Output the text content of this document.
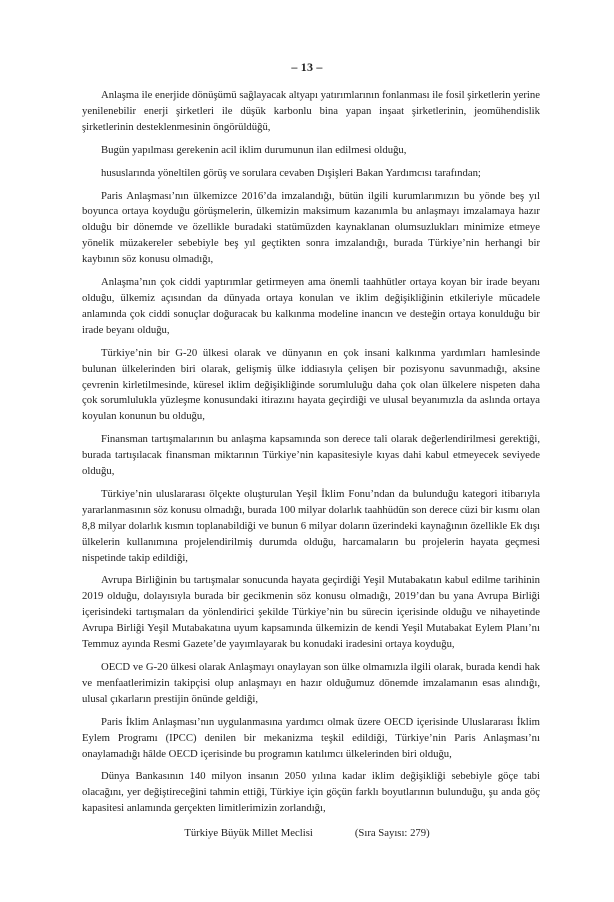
– 13 –

Anlaşma ile enerjide dönüşümü sağlayacak altyapı yatırımlarının fonlanması ile fosil şirketlerin yerine yenilenebilir enerji şirketleri ile düşük karbonlu bina yapan inşaat şirketlerinin, jeomühendislik şirketlerinin desteklenmesinin öngörüldüğü,

Bugün yapılması gerekenin acil iklim durumunun ilan edilmesi olduğu,

hususlarında yöneltilen görüş ve sorulara cevaben Dışişleri Bakan Yardımcısı tarafından;

Paris Anlaşması’nın ülkemizce 2016’da imzalandığı, bütün ilgili kurumlarımızın bu yönde beş yıl boyunca ortaya koyduğu görüşmelerin, ülkemizin maksimum kazanımla bu anlaşmayı imzalamaya hazır olduğu bir dönemde ve özellikle buradaki statümüzden kaynaklanan olumsuzlukları minimize etmeye yönelik müzakereler sebebiyle beş yıl geçtikten sonra imzalandığı, burada Türkiye’nin herhangi bir kaybının söz konusu olmadığı,

Anlaşma’nın çok ciddi yaptırımlar getirmeyen ama önemli taahhütler ortaya koyan bir irade beyanı olduğu, ülkemiz açısından da dünyada ortaya konulan ve iklim değişikliğinin etkileriyle mücadele anlamında çok ciddi sonuçlar doğuracak bu kalkınma modeline inancın ve desteğin ortaya konulduğu bir irade beyanı olduğu,

Türkiye’nin bir G-20 ülkesi olarak ve dünyanın en çok insani kalkınma yardımları hamlesinde bulunan ülkelerinden biri olarak, gelişmiş ülke iddiasıyla çelişen bir pozisyonu savunmadığı, aksine çevrenin kirletilmesinde, küresel iklim değişikliğinde sorumluluğu daha çok olan ülkelere nispeten daha çok sorumlulukla yüzleşme konusundaki itirazını hayata geçirdiği ve ulusal beyanımızla da aslında ortaya koyulan konunun bu olduğu,

Finansman tartışmalarının bu anlaşma kapsamında son derece tali olarak değerlendirilmesi gerektiği, burada tartışılacak finansman miktarının Türkiye’nin kapasitesiyle kıyas dahi kabul etmeyecek seviyede olduğu,

Türkiye’nin uluslararası ölçekte oluşturulan Yeşil İklim Fonu’ndan da bulunduğu kategori itibarıyla yararlanmasının söz konusu olmadığı, burada 100 milyar dolarlık taahhüdün son derece cüzi bir kısmı olan 8,8 milyar dolarlık kısmın toplanabildiği ve bunun 6 milyar doların üzerindeki kaynağının özellikle Ek dışı ülkelerin kullanımına projelendirilmiş durumda olduğu, harcamaların bu projelerin hayata geçmesi nispetinde takip edildiği,

Avrupa Birliğinin bu tartışmalar sonucunda hayata geçirdiği Yeşil Mutabakatın kabul edilme tarihinin 2019 olduğu, dolayısıyla burada bir gecikmenin söz konusu olmadığı, 2019’dan bu yana Avrupa Birliği içerisindeki tartışmaları da yönlendirici şekilde Türkiye’nin bu sürecin içerisinde olduğu ve nihayetinde Avrupa Birliği Yeşil Mutabakatına uyum kapsamında ülkemizin de kendi Yeşil Mutabakat Eylem Planı’nı Temmuz ayında Resmi Gazete’de yayımlayarak bu konudaki iradesini ortaya koyduğu,

OECD ve G-20 ülkesi olarak Anlaşmayı onaylayan son ülke olmamızla ilgili olarak, burada kendi hak ve menfaatlerimizin takipçisi olup anlaşmayı en hazır olduğumuz dönemde imzalamanın esas alındığı, ulusal çıkarların prestijin önünde geldiği,

Paris İklim Anlaşması’nın uygulanmasına yardımcı olmak üzere OECD içerisinde Uluslararası İklim Eylem Programı (IPCC) denilen bir mekanizma teşkil edildiği, Türkiye’nin Paris Anlaşması’nı onaylamadığı hâlde OECD içerisinde bu programın katılımcı ülkelerinden biri olduğu,

Dünya Bankasının 140 milyon insanın 2050 yılına kadar iklim değişikliği sebebiyle göçe tabi olacağını, yer değiştireceğini tahmin ettiği, Türkiye için göçün farklı boyutlarının bulunduğu, şu anda göç kapasitesi anlamında gerçekten limitlerimizin zorlandığı,

Türkiye Büyük Millet Meclisi	(Sıra Sayısı: 279)
